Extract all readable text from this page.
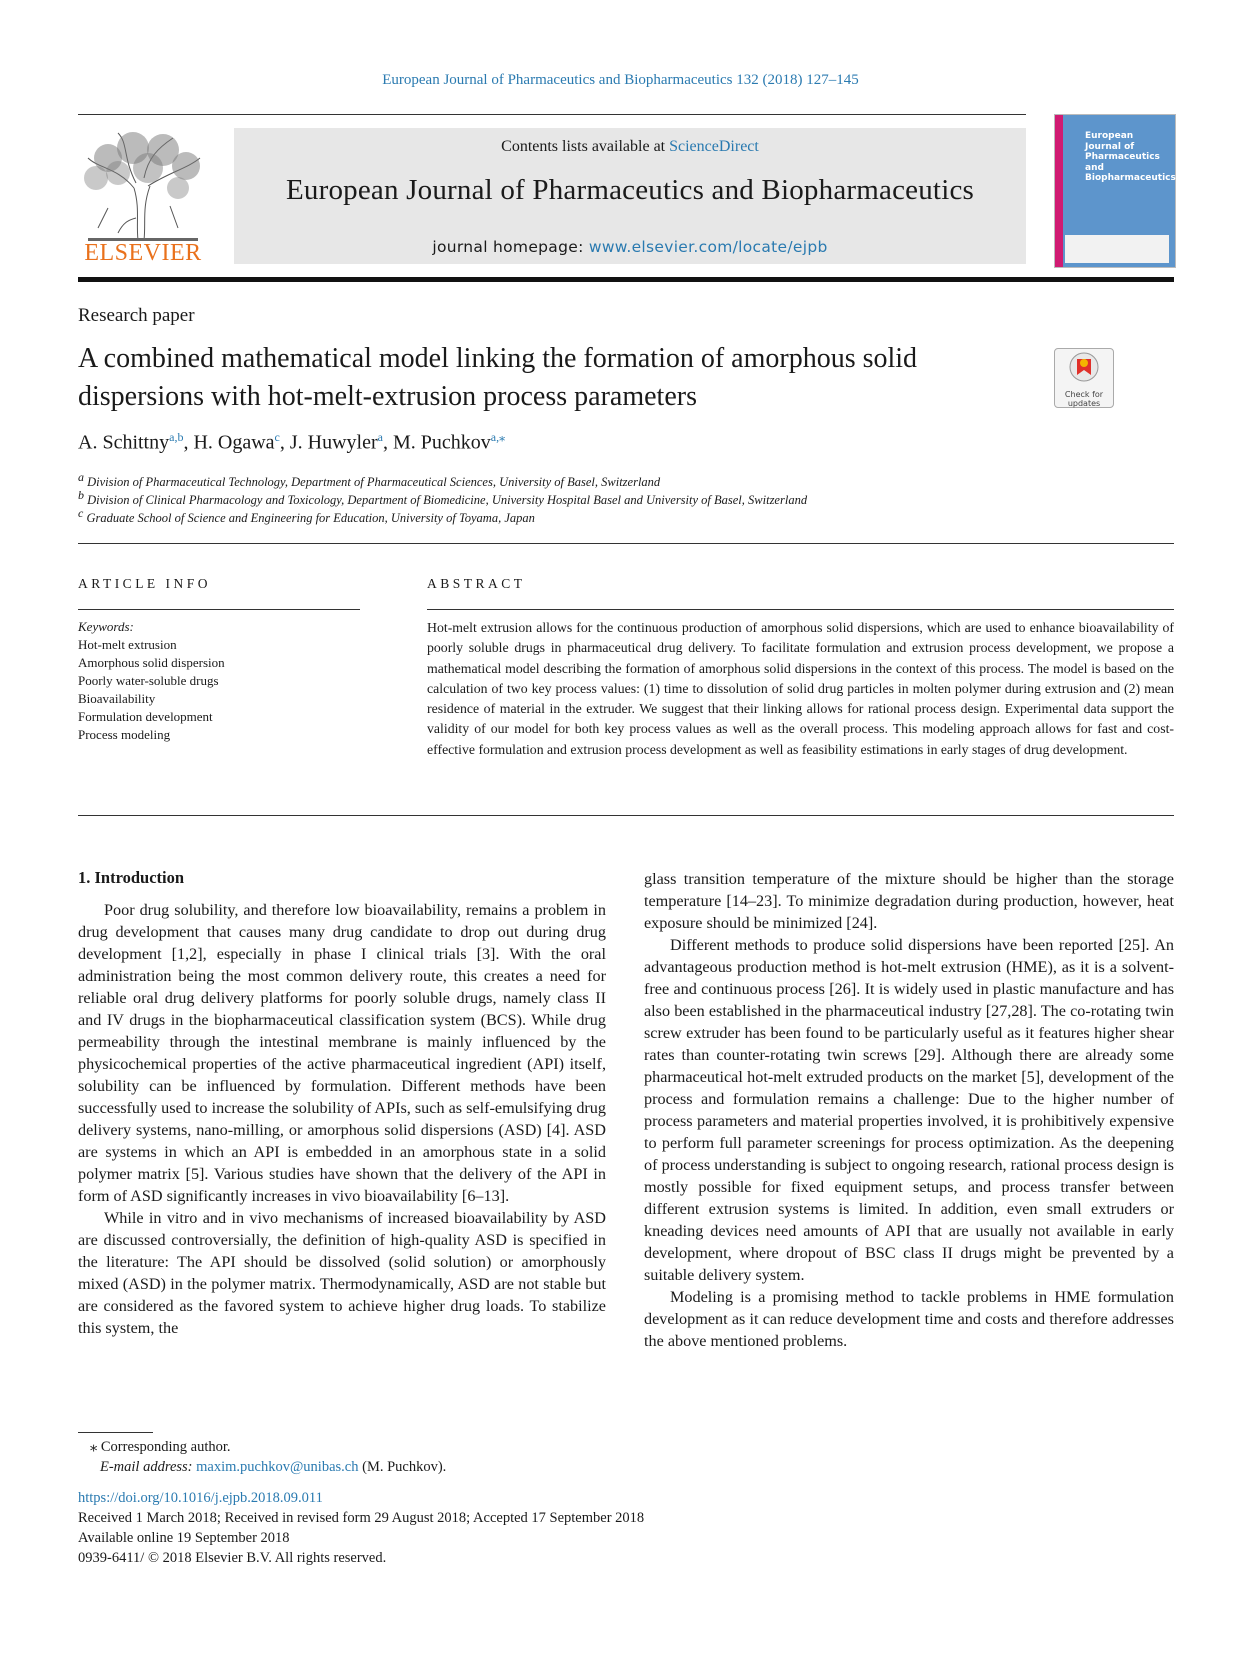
European Journal of Pharmaceutics and Biopharmaceutics 132 (2018) 127–145
ELSEVIER
Contents lists available at ScienceDirect
European Journal of Pharmaceutics and Biopharmaceutics
journal homepage: www.elsevier.com/locate/ejpb
European
Journal of
Pharmaceutics and
Biopharmaceutics
Research paper
A combined mathematical model linking the formation of amorphous solid dispersions with hot-melt-extrusion process parameters	Check for
updates
A. Schittny$^{a,b}$, H. Ogawa$^c$, J. Huwyler$^a$, M. Puchkov$^{a,⁎}$
$^a$ Division of Pharmaceutical Technology, Department of Pharmaceutical Sciences, University of Basel, Switzerland
$^b$ Division of Clinical Pharmacology and Toxicology, Department of Biomedicine, University Hospital Basel and University of Basel, Switzerland
$^c$ Graduate School of Science and Engineering for Education, University of Toyama, Japan
ARTICLE INFO
Keywords:
Hot-melt extrusion
Amorphous solid dispersion
Poorly water-soluble drugs
Bioavailability
Formulation development
Process modeling
ABSTRACT
Hot-melt extrusion allows for the continuous production of amorphous solid dispersions, which are used to enhance bioavailability of poorly soluble drugs in pharmaceutical drug delivery. To facilitate formulation and extrusion process development, we propose a mathematical model describing the formation of amorphous solid dispersions in the context of this process. The model is based on the calculation of two key process values: (1) time to dissolution of solid drug particles in molten polymer during extrusion and (2) mean residence of material in the extruder. We suggest that their linking allows for rational process design. Experimental data support the validity of our model for both key process values as well as the overall process. This modeling approach allows for fast and cost-effective formulation and extrusion process development as well as feasibility estimations in early stages of drug development.
1. Introduction

Poor drug solubility, and therefore low bioavailability, remains a problem in drug development that causes many drug candidate to drop out during drug development [1,2], especially in phase I clinical trials [3]. With the oral administration being the most common delivery route, this creates a need for reliable oral drug delivery platforms for poorly soluble drugs, namely class II and IV drugs in the biopharmaceutical classification system (BCS). While drug permeability through the intestinal membrane is mainly influenced by the physicochemical properties of the active pharmaceutical ingredient (API) itself, solubility can be influenced by formulation. Different methods have been successfully used to increase the solubility of APIs, such as self-emulsifying drug delivery systems, nano-milling, or amorphous solid dispersions (ASD) [4]. ASD are systems in which an API is embedded in an amorphous state in a solid polymer matrix [5]. Various studies have shown that the delivery of the API in form of ASD significantly increases in vivo bioavailability [6–13].

While in vitro and in vivo mechanisms of increased bioavailability by ASD are discussed controversially, the definition of high-quality ASD is specified in the literature: The API should be dissolved (solid solution) or amorphously mixed (ASD) in the polymer matrix. Thermodynamically, ASD are not stable but are considered as the favored system to achieve higher drug loads. To stabilize this system, the

glass transition temperature of the mixture should be higher than the storage temperature [14–23]. To minimize degradation during production, however, heat exposure should be minimized [24].

Different methods to produce solid dispersions have been reported [25]. An advantageous production method is hot-melt extrusion (HME), as it is a solvent-free and continuous process [26]. It is widely used in plastic manufacture and has also been established in the pharmaceutical industry [27,28]. The co-rotating twin screw extruder has been found to be particularly useful as it features higher shear rates than counter-rotating twin screws [29]. Although there are already some pharmaceutical hot-melt extruded products on the market [5], development of the process and formulation remains a challenge: Due to the higher number of process parameters and material properties involved, it is prohibitively expensive to perform full parameter screenings for process optimization. As the deepening of process understanding is subject to ongoing research, rational process design is mostly possible for fixed equipment setups, and process transfer between different extrusion systems is limited. In addition, even small extruders or kneading devices need amounts of API that are usually not available in early development, where dropout of BSC class II drugs might be prevented by a suitable delivery system.

Modeling is a promising method to tackle problems in HME formulation development as it can reduce development time and costs and therefore addresses the above mentioned problems.

⁎ Corresponding author.
E-mail address: maxim.puchkov@unibas.ch (M. Puchkov).
https://doi.org/10.1016/j.ejpb.2018.09.011
Received 1 March 2018; Received in revised form 29 August 2018; Accepted 17 September 2018
Available online 19 September 2018
0939-6411/ © 2018 Elsevier B.V. All rights reserved.
